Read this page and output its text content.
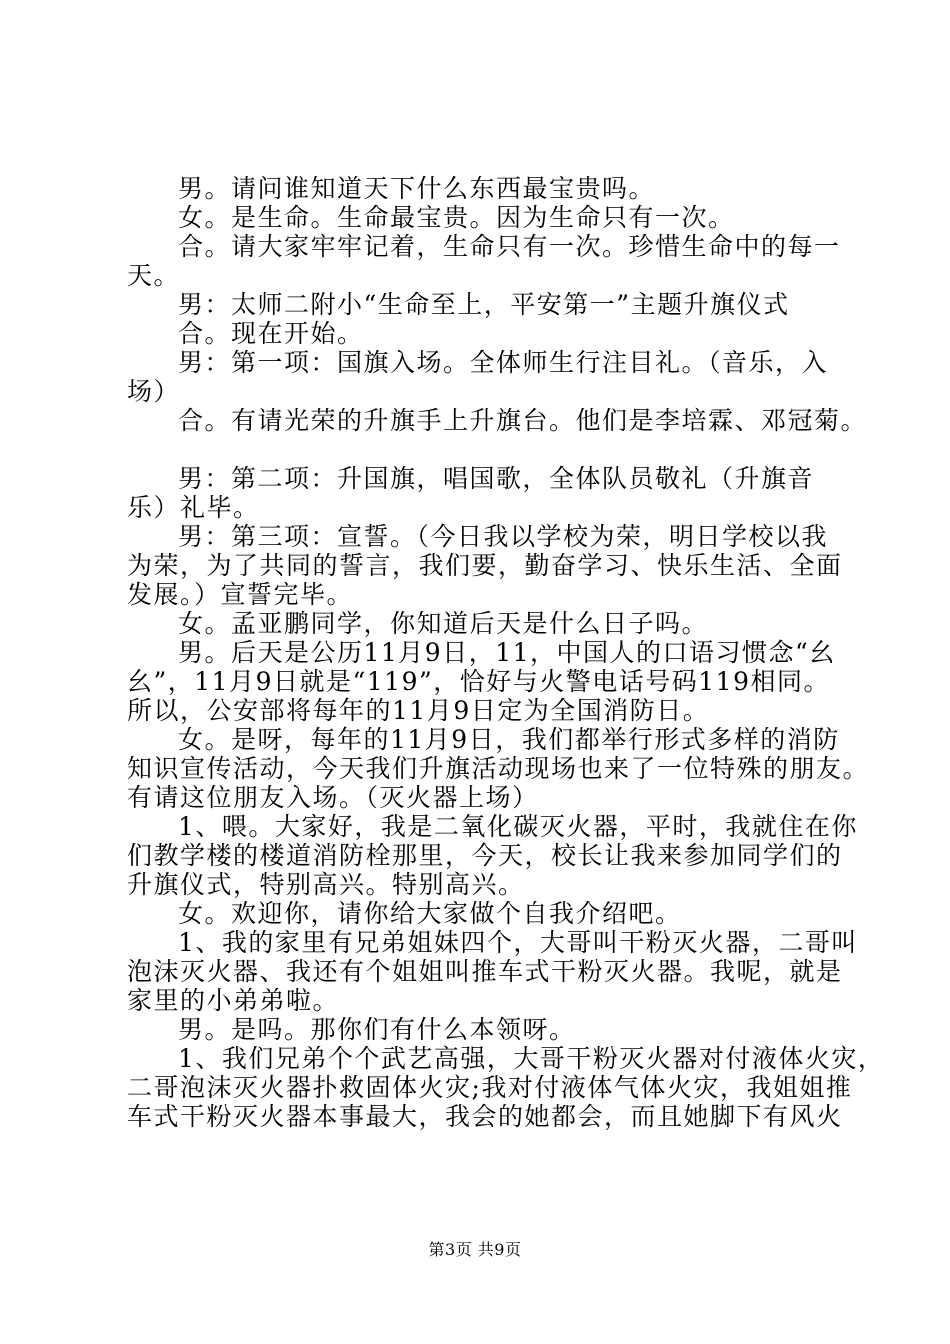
男。请问谁知道天下什么东西最宝贵吗。
女。是生命。生命最宝贵。因为生命只有一次。
合。请大家牢牢记着，生命只有一次。珍惜生命中的每一
天。
男：太师二附小“生命至上，平安第一”主题升旗仪式
合。现在开始。
男：第一项：国旗入场。全体师生行注目礼。（音乐，入
场）
合。有请光荣的升旗手上升旗台。他们是李培霖、邓冠菊。
男：第二项：升国旗，唱国歌，全体队员敬礼（升旗音
乐）礼毕。
男：第三项：宣誓。（今日我以学校为荣，明日学校以我
为荣，为了共同的誓言，我们要，勤奋学习、快乐生活、全面
发展。）宣誓完毕。
女。孟亚鹏同学，你知道后天是什么日子吗。
男。后天是公历11月9日，11，中国人的口语习惯念“幺
幺”，11月9日就是“119”，恰好与火警电话号码119相同。
所以，公安部将每年的11月9日定为全国消防日。
女。是呀，每年的11月9日，我们都举行形式多样的消防
知识宣传活动，今天我们升旗活动现场也来了一位特殊的朋友。
有请这位朋友入场。（灭火器上场）
1、喂。大家好，我是二氧化碳灭火器，平时，我就住在你
们教学楼的楼道消防栓那里，今天，校长让我来参加同学们的
升旗仪式，特别高兴。特别高兴。
女。欢迎你，请你给大家做个自我介绍吧。
1、我的家里有兄弟姐妹四个，大哥叫干粉灭火器，二哥叫
泡沫灭火器、我还有个姐姐叫推车式干粉灭火器。我呢，就是
家里的小弟弟啦。
男。是吗。那你们有什么本领呀。
1、我们兄弟个个武艺高强，大哥干粉灭火器对付液体火灾，
二哥泡沫灭火器扑救固体火灾;我对付液体气体火灾，我姐姐推
车式干粉灭火器本事最大，我会的她都会，而且她脚下有风火
第3页 共9页
